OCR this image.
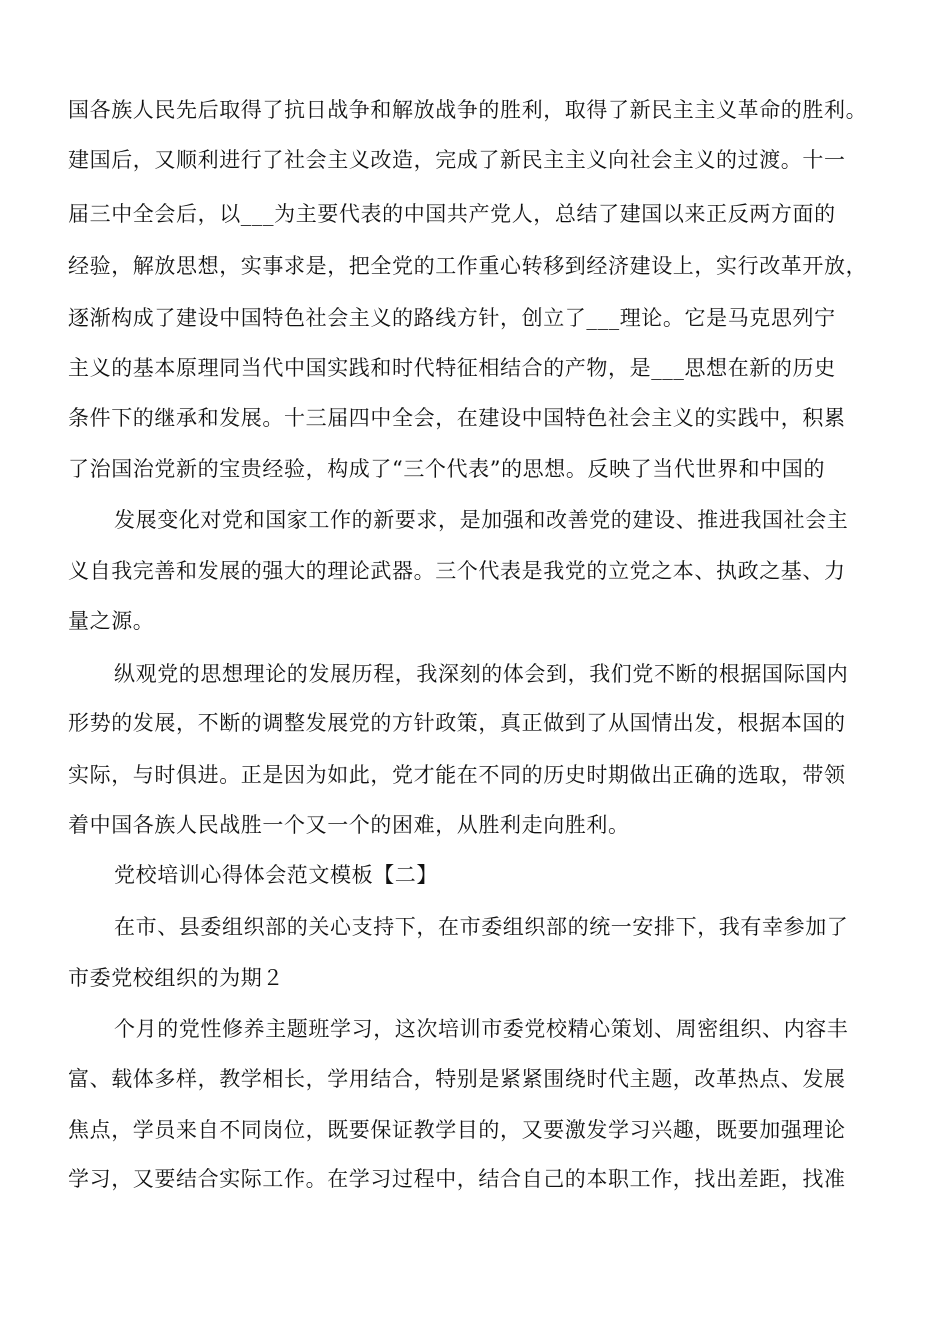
国各族人民先后取得了抗日战争和解放战争的胜利，取得了新民主主义革命的胜利。
建国后，又顺利进行了社会主义改造，完成了新民主主义向社会主义的过渡。十一
届三中全会后，以___为主要代表的中国共产党人，总结了建国以来正反两方面的
经验，解放思想，实事求是，把全党的工作重心转移到经济建设上，实行改革开放，
逐渐构成了建设中国特色社会主义的路线方针，创立了___理论。它是马克思列宁
主义的基本原理同当代中国实践和时代特征相结合的产物，是___思想在新的历史
条件下的继承和发展。十三届四中全会，在建设中国特色社会主义的实践中，积累
了治国治党新的宝贵经验，构成了“三个代表”的思想。反映了当代世界和中国的
发展变化对党和国家工作的新要求，是加强和改善党的建设、推进我国社会主
义自我完善和发展的强大的理论武器。三个代表是我党的立党之本、执政之基、力
量之源。
纵观党的思想理论的发展历程，我深刻的体会到，我们党不断的根据国际国内
形势的发展，不断的调整发展党的方针政策，真正做到了从国情出发，根据本国的
实际，与时俱进。正是因为如此，党才能在不同的历史时期做出正确的选取，带领
着中国各族人民战胜一个又一个的困难，从胜利走向胜利。
党校培训心得体会范文模板【二】
在市、县委组织部的关心支持下，在市委组织部的统一安排下，我有幸参加了
市委党校组织的为期２
个月的党性修养主题班学习，这次培训市委党校精心策划、周密组织、内容丰
富、载体多样，教学相长，学用结合，特别是紧紧围绕时代主题，改革热点、发展
焦点，学员来自不同岗位，既要保证教学目的，又要激发学习兴趣，既要加强理论
学习，又要结合实际工作。在学习过程中，结合自己的本职工作，找出差距，找准
